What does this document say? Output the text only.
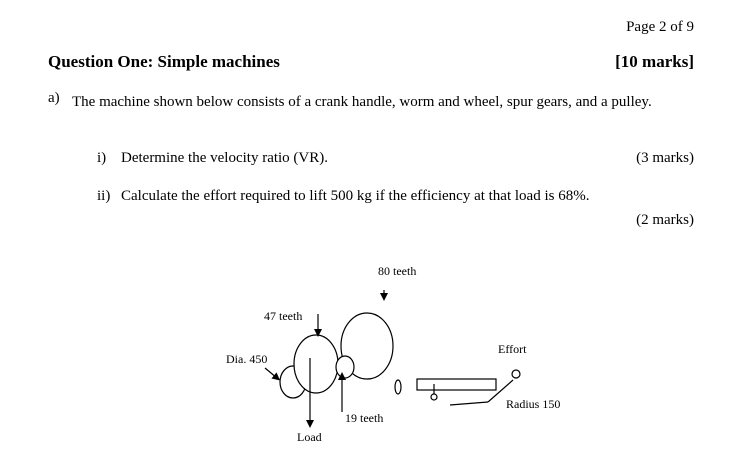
Page 2 of 9
Question One: Simple machines	[10 marks]
a) The machine shown below consists of a crank handle, worm and wheel, spur gears, and a pulley.
i) Determine the velocity ratio (VR).	(3 marks)
ii) Calculate the effort required to lift 500 kg if the efficiency at that load is 68%.
(2 marks)
80 teeth
47 teeth
Dia. 450
Effort
Radius 150
19 teeth
Load
